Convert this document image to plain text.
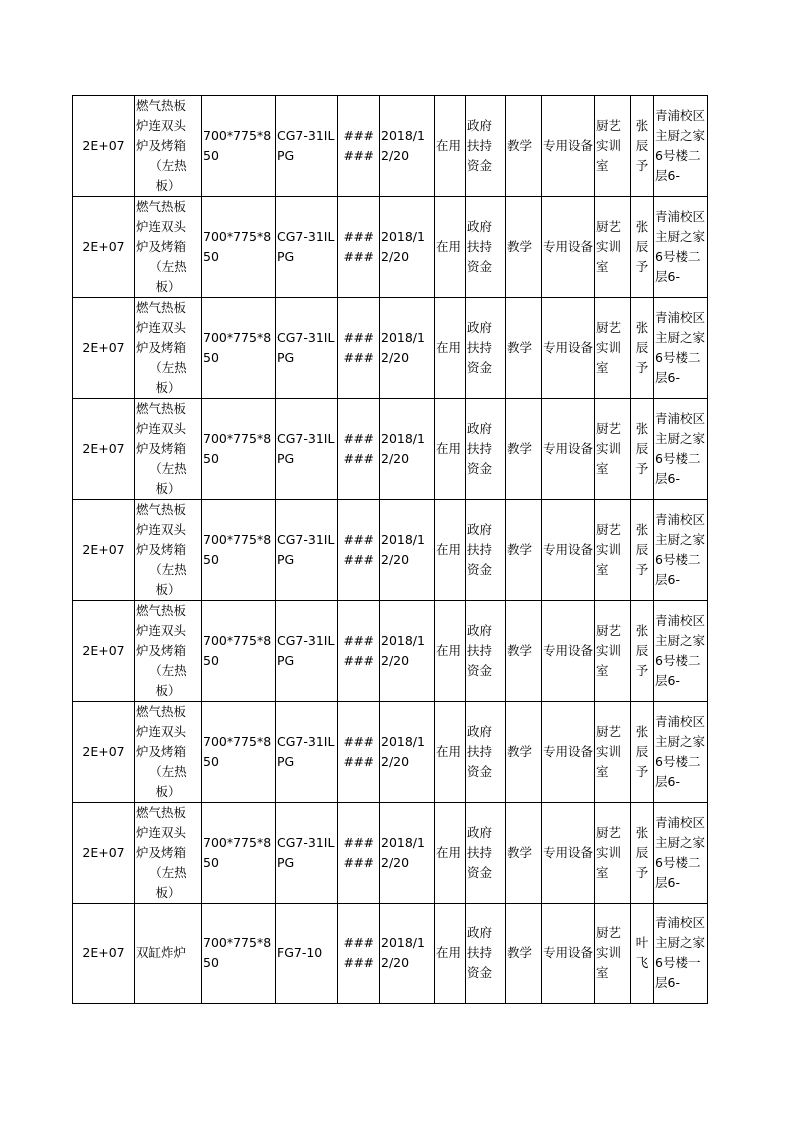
2E+07	燃气热板
炉连双头
炉及烤箱
（左热
板）	700*775*850	CG7-31ILPG	######	2018/12/20	在用	政府扶持资金	教学	专用设备	厨艺实训室	张辰予	青浦校区主厨之家6号楼二层6-
2E+07	燃气热板
炉连双头
炉及烤箱
（左热
板）	700*775*850	CG7-31ILPG	######	2018/12/20	在用	政府扶持资金	教学	专用设备	厨艺实训室	张辰予	青浦校区主厨之家6号楼二层6-
2E+07	燃气热板
炉连双头
炉及烤箱
（左热
板）	700*775*850	CG7-31ILPG	######	2018/12/20	在用	政府扶持资金	教学	专用设备	厨艺实训室	张辰予	青浦校区主厨之家6号楼二层6-
2E+07	燃气热板
炉连双头
炉及烤箱
（左热
板）	700*775*850	CG7-31ILPG	######	2018/12/20	在用	政府扶持资金	教学	专用设备	厨艺实训室	张辰予	青浦校区主厨之家6号楼二层6-
2E+07	燃气热板
炉连双头
炉及烤箱
（左热
板）	700*775*850	CG7-31ILPG	######	2018/12/20	在用	政府扶持资金	教学	专用设备	厨艺实训室	张辰予	青浦校区主厨之家6号楼二层6-
2E+07	燃气热板
炉连双头
炉及烤箱
（左热
板）	700*775*850	CG7-31ILPG	######	2018/12/20	在用	政府扶持资金	教学	专用设备	厨艺实训室	张辰予	青浦校区主厨之家6号楼二层6-
2E+07	燃气热板
炉连双头
炉及烤箱
（左热
板）	700*775*850	CG7-31ILPG	######	2018/12/20	在用	政府扶持资金	教学	专用设备	厨艺实训室	张辰予	青浦校区主厨之家6号楼二层6-
2E+07	燃气热板
炉连双头
炉及烤箱
（左热
板）	700*775*850	CG7-31ILPG	######	2018/12/20	在用	政府扶持资金	教学	专用设备	厨艺实训室	张辰予	青浦校区主厨之家6号楼二层6-
2E+07	双缸炸炉	700*775*850	FG7-10	######	2018/12/20	在用	政府扶持资金	教学	专用设备	厨艺实训室	叶飞	青浦校区主厨之家6号楼一层6-
